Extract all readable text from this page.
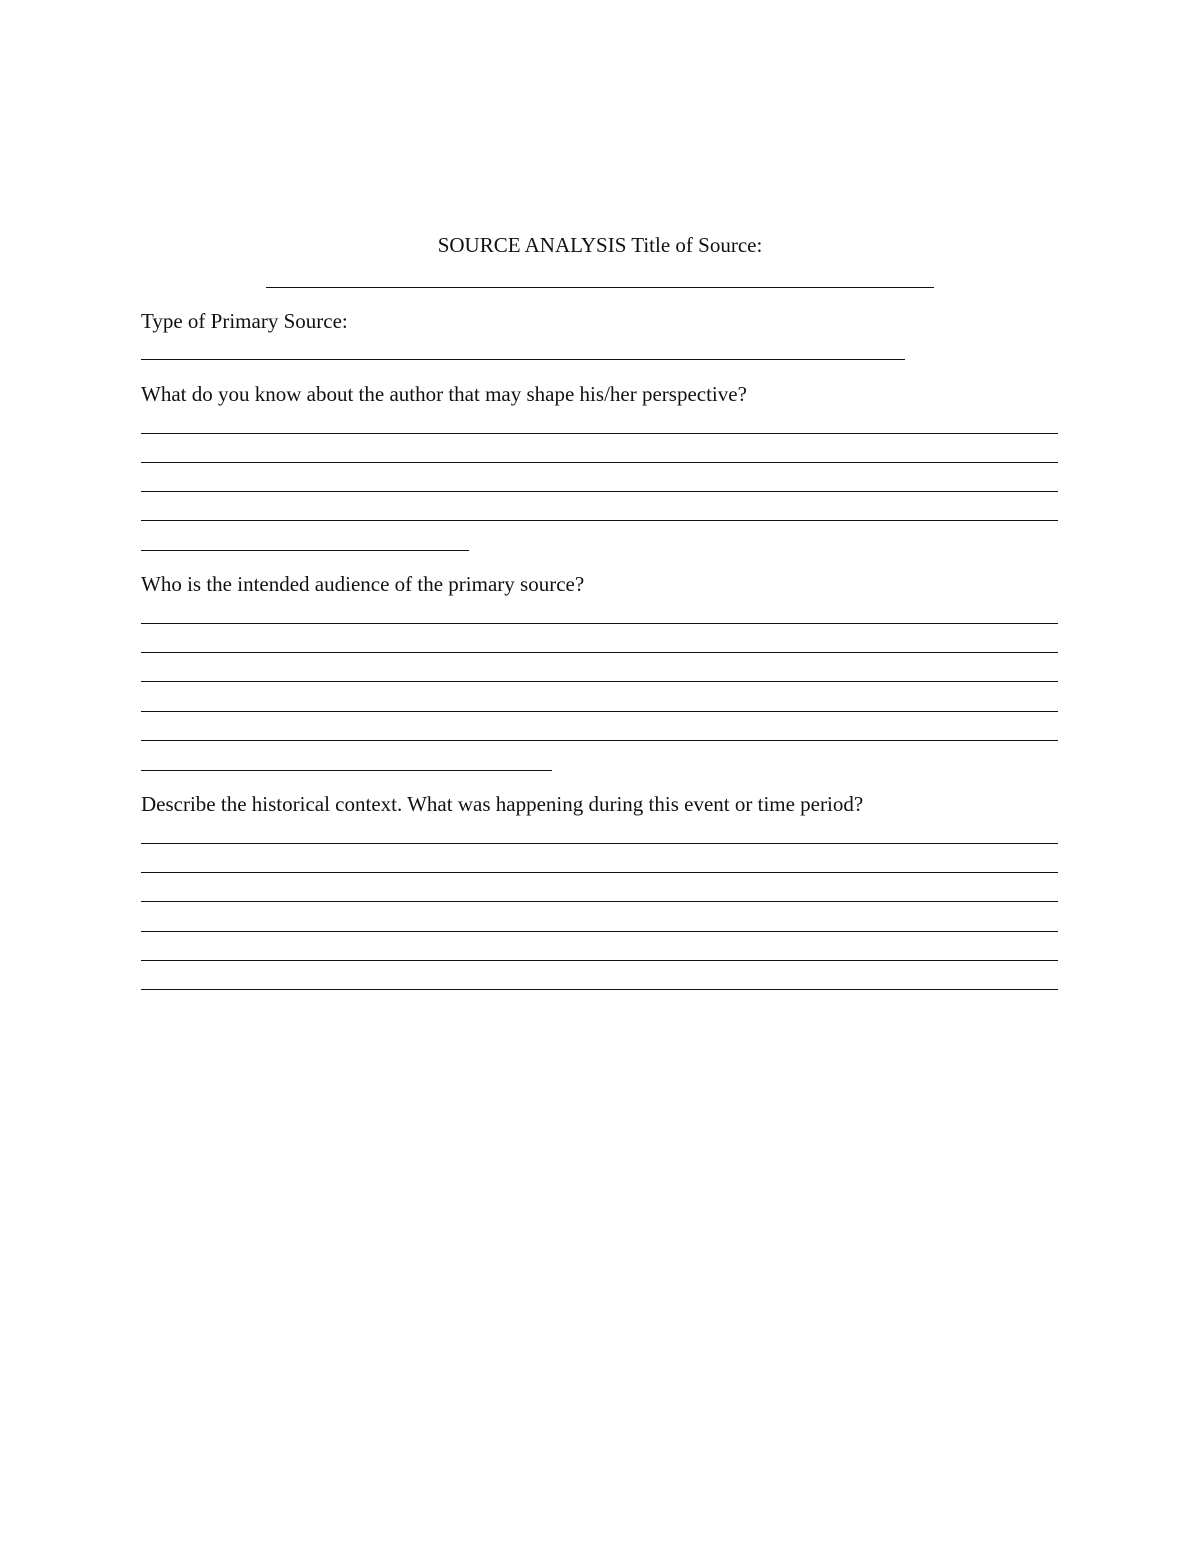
SOURCE ANALYSIS Title of Source:
Type of Primary Source:
What do you know about the author that may shape his/her perspective?
Who is the intended audience of the primary source?
Describe the historical context. What was happening during this event or time period?
